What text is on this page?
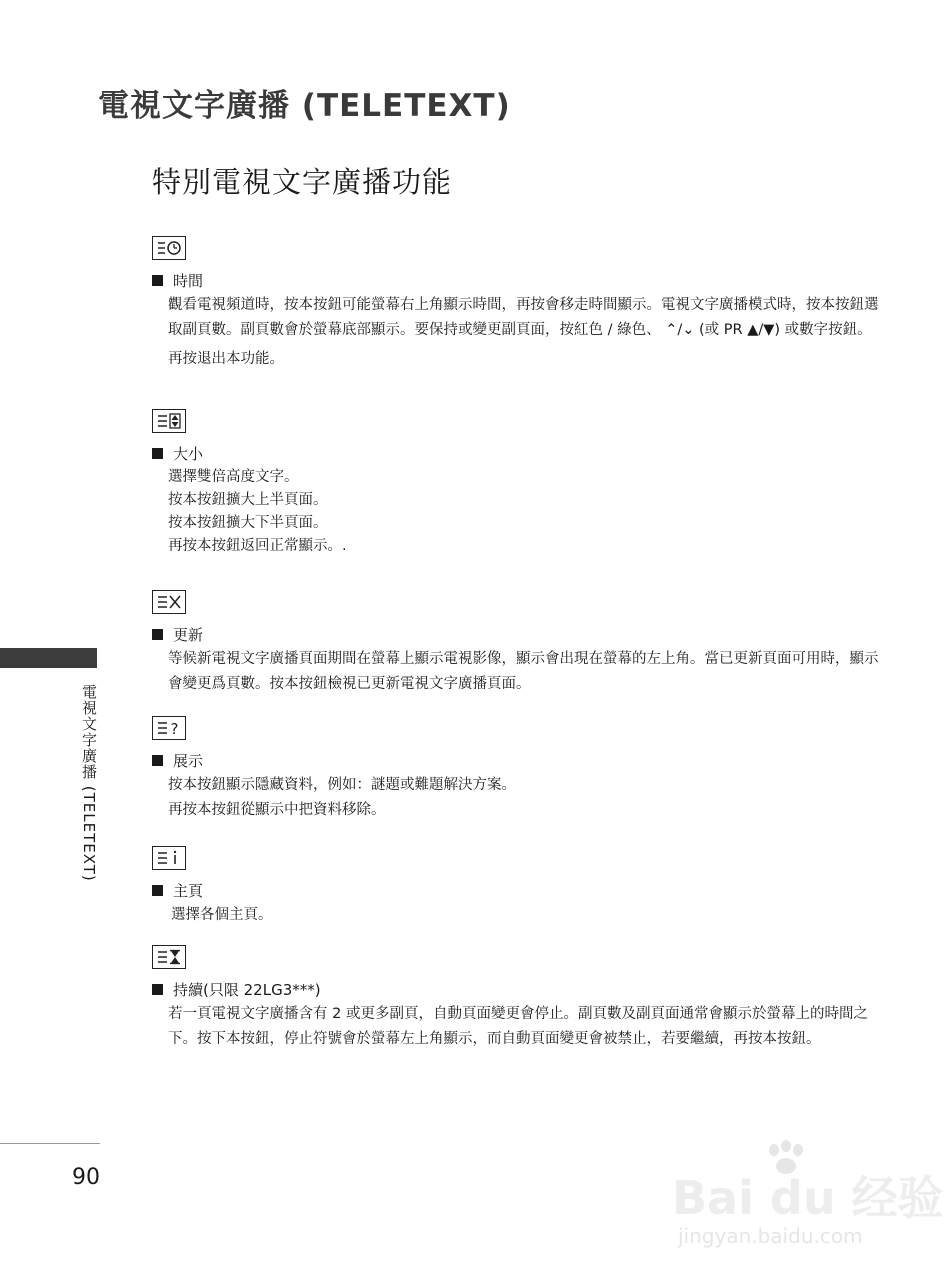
電視文字廣播 (TELETEXT)
特別電視文字廣播功能
時間

觀看電視頻道時，按本按鈕可能螢幕右上角顯示時間，再按會移走時間顯示。電視文字廣播模式時，按本按鈕選取副頁數。副頁數會於螢幕底部顯示。要保持或變更副頁面，按紅色 / 綠色、 ⌃/⌄ (或 PR ▲/▼) 或數字按鈕。

再按退出本功能。

大小

選擇雙倍高度文字。

按本按鈕擴大上半頁面。

按本按鈕擴大下半頁面。

再按本按鈕返回正常顯示。.

更新

等候新電視文字廣播頁面期間在螢幕上顯示電視影像，顯示會出現在螢幕的左上角。當已更新頁面可用時，顯示會變更爲頁數。按本按鈕檢視已更新電視文字廣播頁面。

?
展示

按本按鈕顯示隱藏資料，例如：謎題或難題解決方案。

再按本按鈕從顯示中把資料移除。

主頁

選擇各個主頁。

持續(只限 22LG3***)

若一頁電視文字廣播含有 2 或更多副頁，自動頁面變更會停止。副頁數及副頁面通常會顯示於螢幕上的時間之下。按下本按鈕，停止符號會於螢幕左上角顯示，而自動頁面變更會被禁止，若要繼續，再按本按鈕。

電視文字廣播 (TELETEXT)
90	Bai du 经验
jingyan.baidu.com
